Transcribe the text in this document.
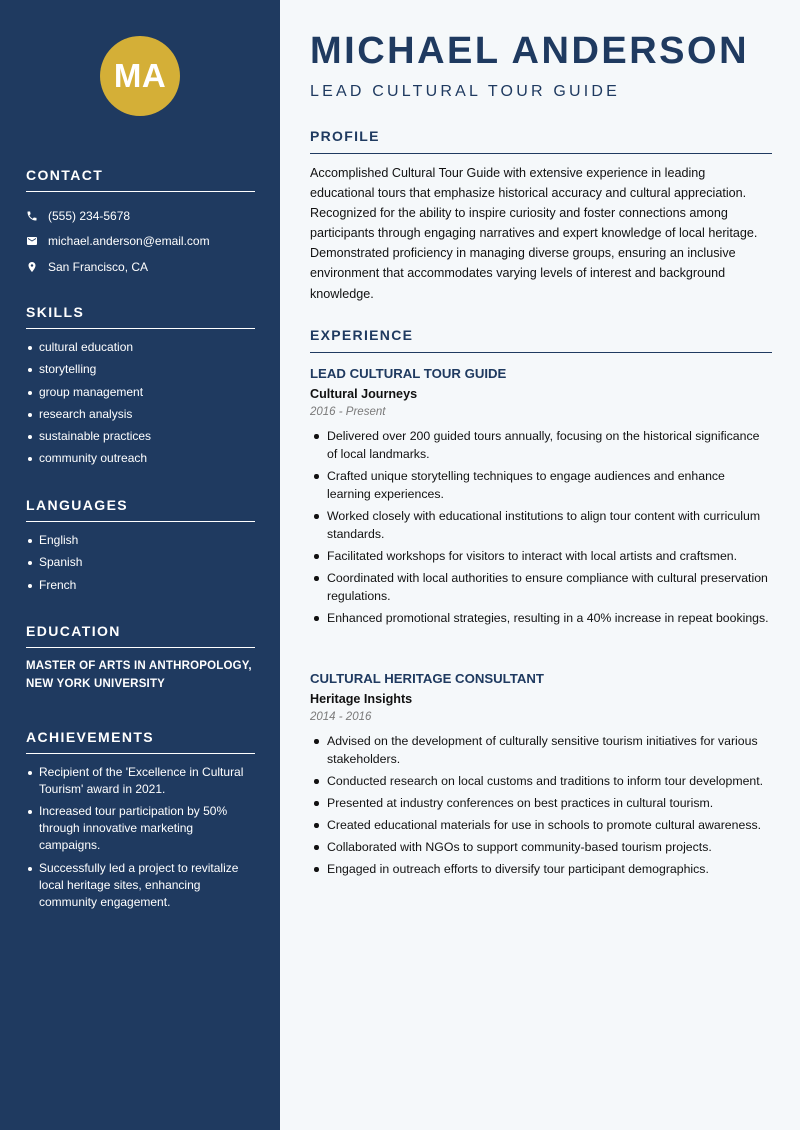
MA
CONTACT
(555) 234-5678
michael.anderson@email.com
San Francisco, CA
SKILLS
cultural education
storytelling
group management
research analysis
sustainable practices
community outreach
LANGUAGES
English
Spanish
French
EDUCATION

MASTER OF ARTS IN ANTHROPOLOGY, NEW YORK UNIVERSITY

ACHIEVEMENTS
Recipient of the 'Excellence in Cultural Tourism' award in 2021.
Increased tour participation by 50% through innovative marketing campaigns.
Successfully led a project to revitalize local heritage sites, enhancing community engagement.
MICHAEL ANDERSON
LEAD CULTURAL TOUR GUIDE
PROFILE

Accomplished Cultural Tour Guide with extensive experience in leading educational tours that emphasize historical accuracy and cultural appreciation. Recognized for the ability to inspire curiosity and foster connections among participants through engaging narratives and expert knowledge of local heritage. Demonstrated proficiency in managing diverse groups, ensuring an inclusive environment that accommodates varying levels of interest and background knowledge.

EXPERIENCE
LEAD CULTURAL TOUR GUIDE
Cultural Journeys
2016 - Present
Delivered over 200 guided tours annually, focusing on the historical significance of local landmarks.
Crafted unique storytelling techniques to engage audiences and enhance learning experiences.
Worked closely with educational institutions to align tour content with curriculum standards.
Facilitated workshops for visitors to interact with local artists and craftsmen.
Coordinated with local authorities to ensure compliance with cultural preservation regulations.
Enhanced promotional strategies, resulting in a 40% increase in repeat bookings.
CULTURAL HERITAGE CONSULTANT
Heritage Insights
2014 - 2016
Advised on the development of culturally sensitive tourism initiatives for various stakeholders.
Conducted research on local customs and traditions to inform tour development.
Presented at industry conferences on best practices in cultural tourism.
Created educational materials for use in schools to promote cultural awareness.
Collaborated with NGOs to support community-based tourism projects.
Engaged in outreach efforts to diversify tour participant demographics.
